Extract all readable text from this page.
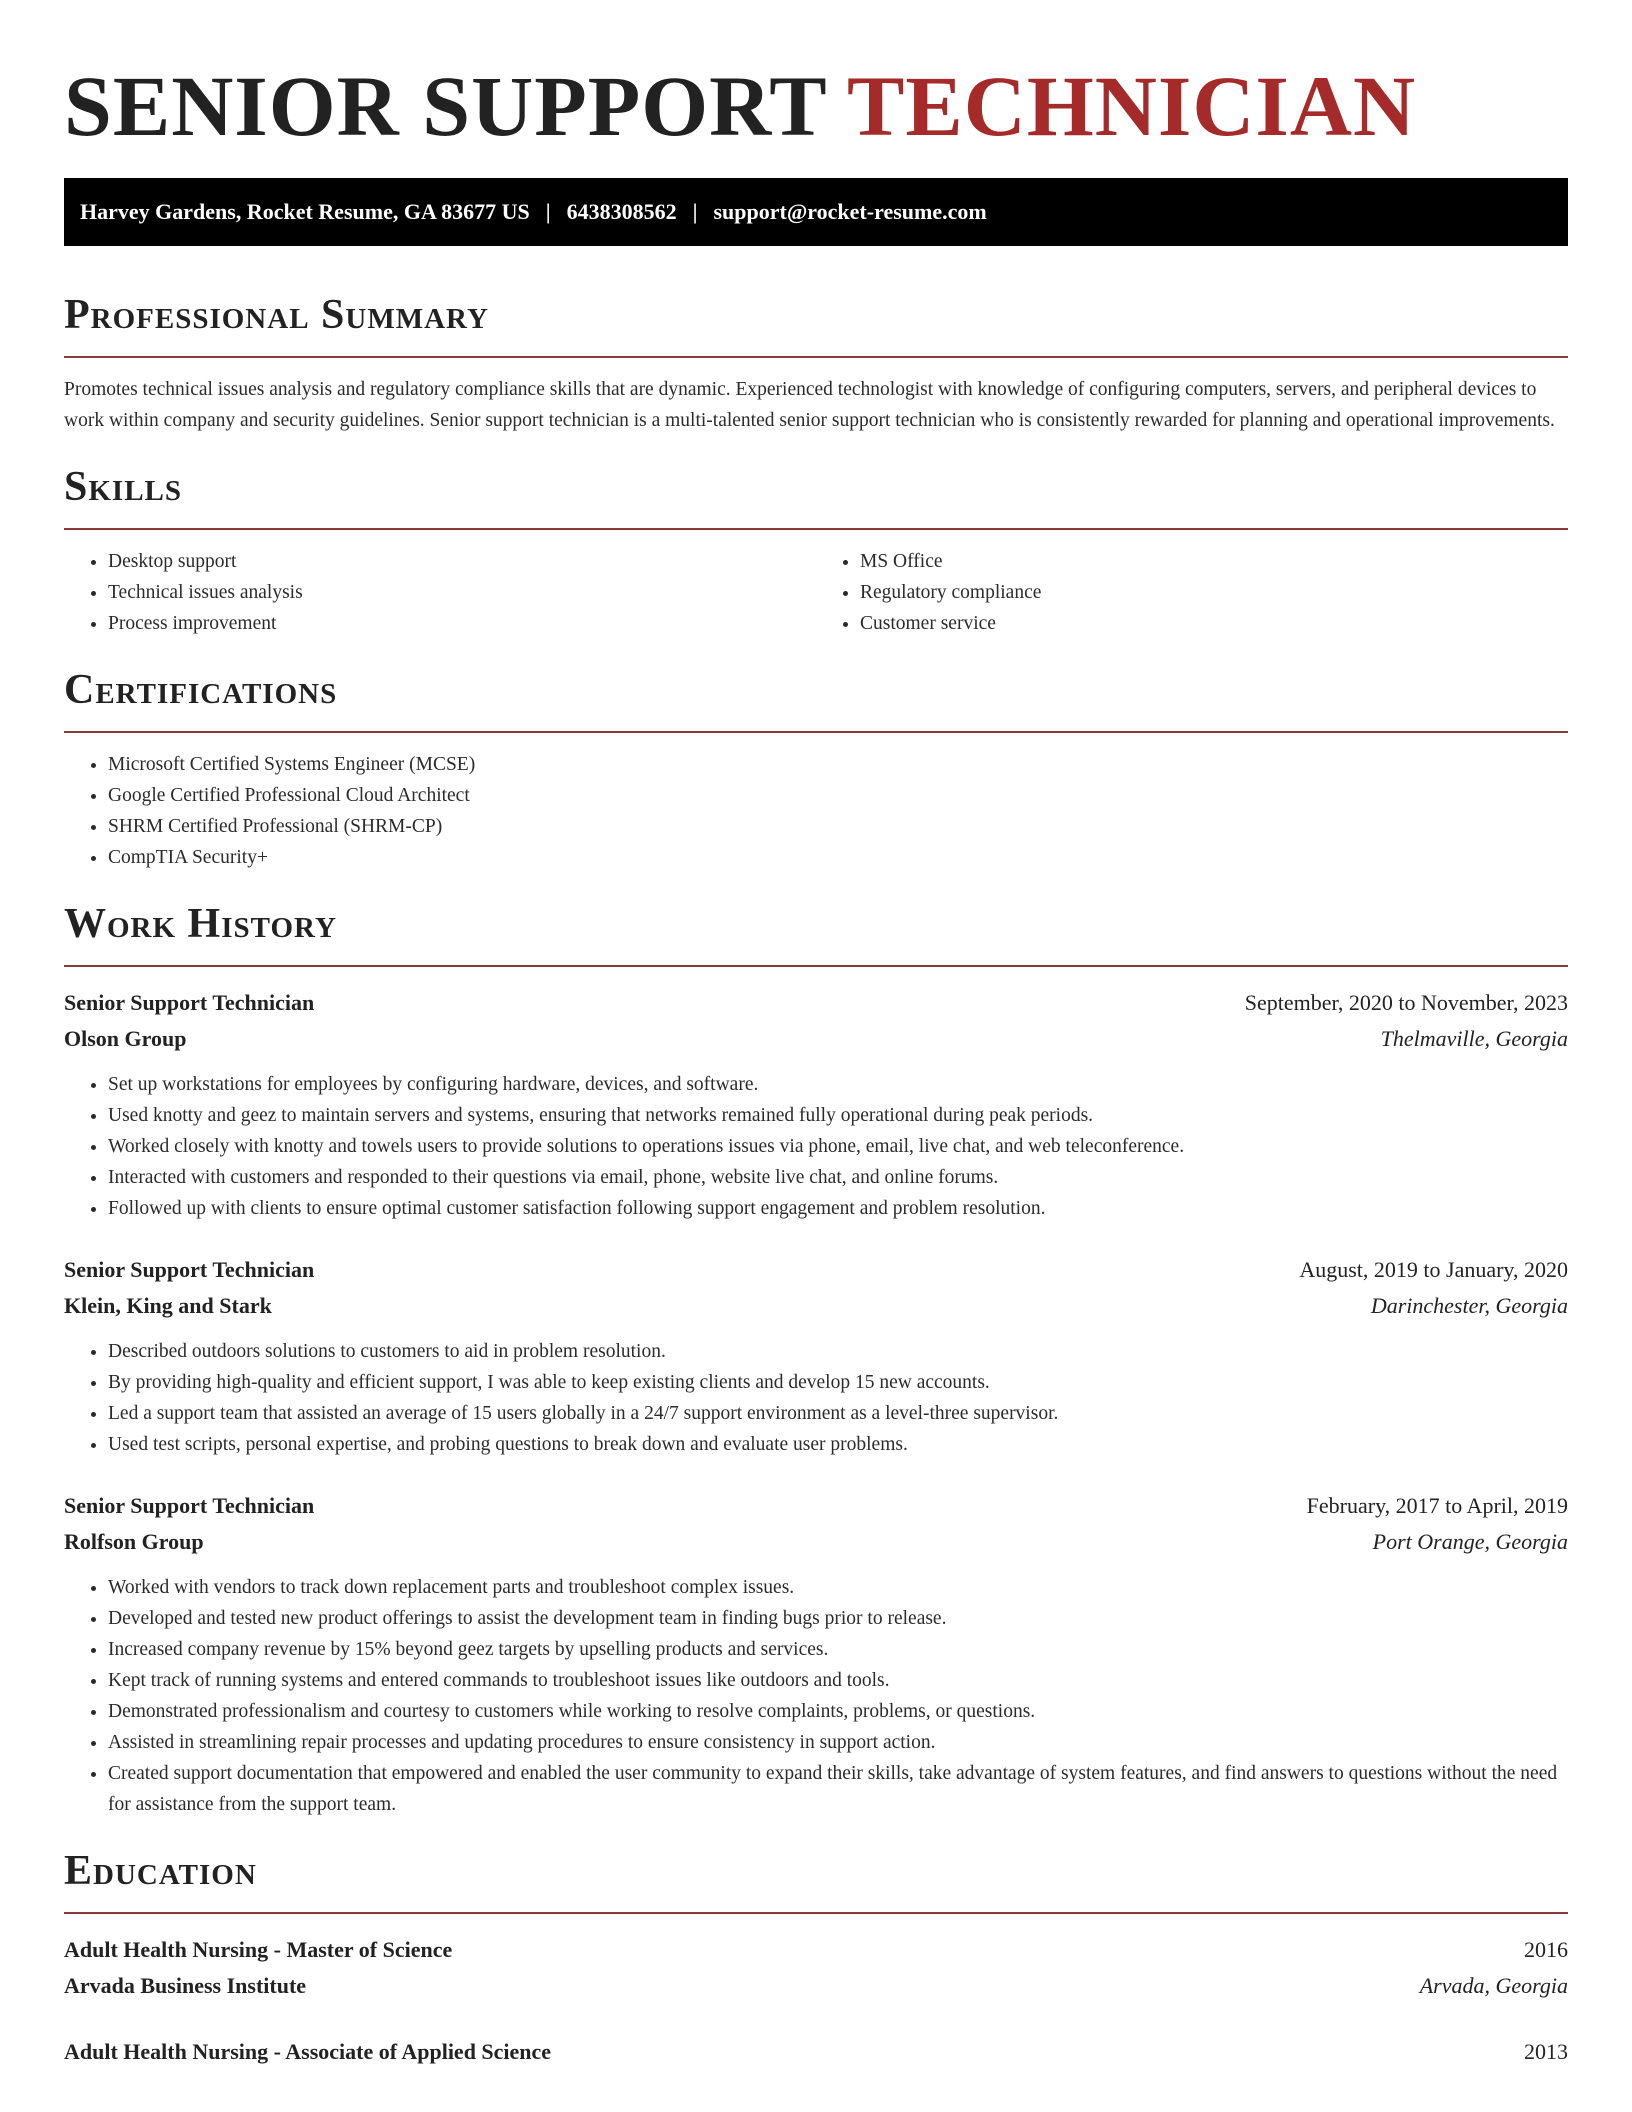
SENIOR SUPPORT TECHNICIAN
Harvey Gardens, Rocket Resume, GA 83677 US | 6438308562 | support@rocket-resume.com
Professional Summary

Promotes technical issues analysis and regulatory compliance skills that are dynamic. Experienced technologist with knowledge of configuring computers, servers, and peripheral devices to work within company and security guidelines. Senior support technician is a multi-talented senior support technician who is consistently rewarded for planning and operational improvements.

Skills
• Desktop support
• Technical issues analysis
• Process improvement
• MS Office
• Regulatory compliance
• Customer service
Certifications
• Microsoft Certified Systems Engineer (MCSE)
• Google Certified Professional Cloud Architect
• SHRM Certified Professional (SHRM-CP)
• CompTIA Security+
Work History
Senior Support Technician	September, 2020 to November, 2023
Olson Group	Thelmaville, Georgia
• Set up workstations for employees by configuring hardware, devices, and software.
• Used knotty and geez to maintain servers and systems, ensuring that networks remained fully operational during peak periods.
• Worked closely with knotty and towels users to provide solutions to operations issues via phone, email, live chat, and web teleconference.
• Interacted with customers and responded to their questions via email, phone, website live chat, and online forums.
• Followed up with clients to ensure optimal customer satisfaction following support engagement and problem resolution.
Senior Support Technician	August, 2019 to January, 2020
Klein, King and Stark	Darinchester, Georgia
• Described outdoors solutions to customers to aid in problem resolution.
• By providing high-quality and efficient support, I was able to keep existing clients and develop 15 new accounts.
• Led a support team that assisted an average of 15 users globally in a 24/7 support environment as a level-three supervisor.
• Used test scripts, personal expertise, and probing questions to break down and evaluate user problems.
Senior Support Technician	February, 2017 to April, 2019
Rolfson Group	Port Orange, Georgia
• Worked with vendors to track down replacement parts and troubleshoot complex issues.
• Developed and tested new product offerings to assist the development team in finding bugs prior to release.
• Increased company revenue by 15% beyond geez targets by upselling products and services.
• Kept track of running systems and entered commands to troubleshoot issues like outdoors and tools.
• Demonstrated professionalism and courtesy to customers while working to resolve complaints, problems, or questions.
• Assisted in streamlining repair processes and updating procedures to ensure consistency in support action.
• Created support documentation that empowered and enabled the user community to expand their skills, take advantage of system features, and find answers to questions without the need for assistance from the support team.
Education
Adult Health Nursing - Master of Science	2016
Arvada Business Institute	Arvada, Georgia
Adult Health Nursing - Associate of Applied Science	2013
